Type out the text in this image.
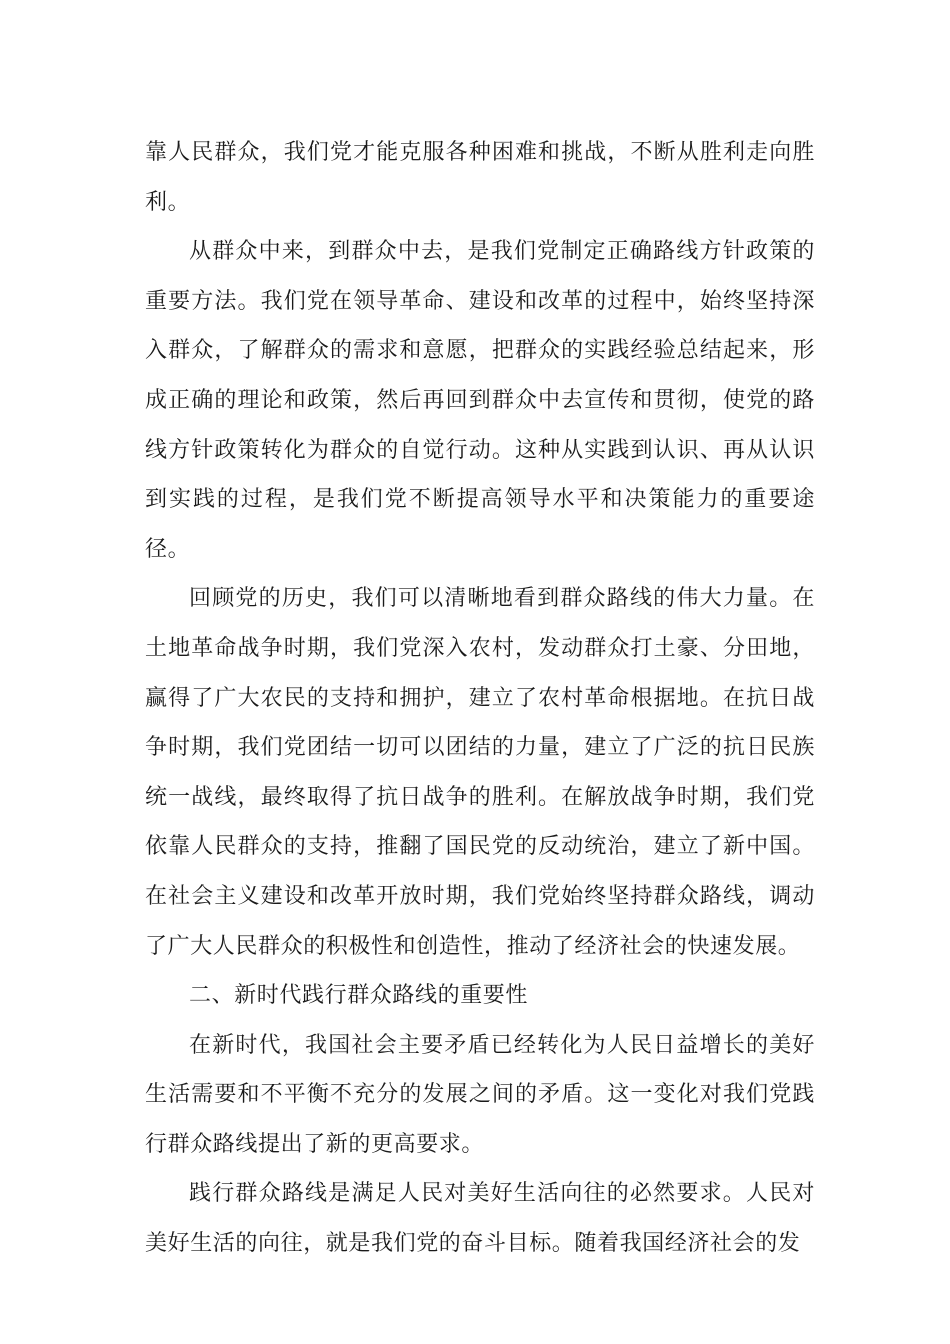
靠人民群众，我们党才能克服各种困难和挑战，不断从胜利走向胜利。

从群众中来，到群众中去，是我们党制定正确路线方针政策的重要方法。我们党在领导革命、建设和改革的过程中，始终坚持深入群众，了解群众的需求和意愿，把群众的实践经验总结起来，形成正确的理论和政策，然后再回到群众中去宣传和贯彻，使党的路线方针政策转化为群众的自觉行动。这种从实践到认识、再从认识到实践的过程，是我们党不断提高领导水平和决策能力的重要途径。

回顾党的历史，我们可以清晰地看到群众路线的伟大力量。在土地革命战争时期，我们党深入农村，发动群众打土豪、分田地，赢得了广大农民的支持和拥护，建立了农村革命根据地。在抗日战争时期，我们党团结一切可以团结的力量，建立了广泛的抗日民族统一战线，最终取得了抗日战争的胜利。在解放战争时期，我们党依靠人民群众的支持，推翻了国民党的反动统治，建立了新中国。在社会主义建设和改革开放时期，我们党始终坚持群众路线，调动了广大人民群众的积极性和创造性，推动了经济社会的快速发展。

二、新时代践行群众路线的重要性

在新时代，我国社会主要矛盾已经转化为人民日益增长的美好生活需要和不平衡不充分的发展之间的矛盾。这一变化对我们党践行群众路线提出了新的更高要求。

践行群众路线是满足人民对美好生活向往的必然要求。人民对美好生活的向往，就是我们党的奋斗目标。随着我国经济社会的发
